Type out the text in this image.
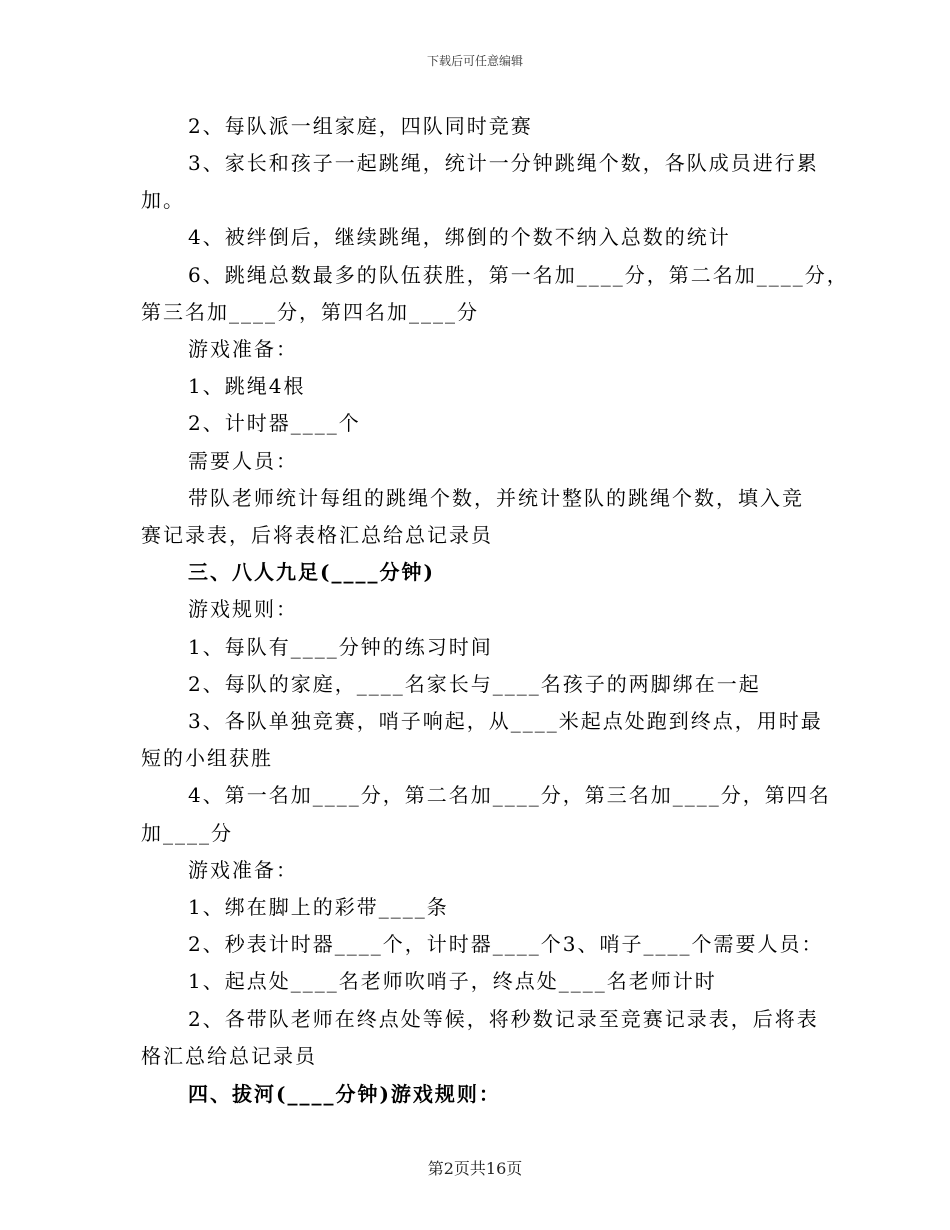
下载后可任意编辑
2、每队派一组家庭，四队同时竞赛
3、家长和孩子一起跳绳，统计一分钟跳绳个数，各队成员进行累
加。
4、被绊倒后，继续跳绳，绑倒的个数不纳入总数的统计
6、跳绳总数最多的队伍获胜，第一名加____分，第二名加____分，
第三名加____分，第四名加____分
游戏准备：
1、跳绳4根
2、计时器____个
需要人员：
带队老师统计每组的跳绳个数，并统计整队的跳绳个数，填入竞
赛记录表，后将表格汇总给总记录员
三、八人九足(____分钟)
游戏规则：
1、每队有____分钟的练习时间
2、每队的家庭，____名家长与____名孩子的两脚绑在一起
3、各队单独竞赛，哨子响起，从____米起点处跑到终点，用时最
短的小组获胜
4、第一名加____分，第二名加____分，第三名加____分，第四名
加____分
游戏准备：
1、绑在脚上的彩带____条
2、秒表计时器____个，计时器____个3、哨子____个需要人员：
1、起点处____名老师吹哨子，终点处____名老师计时
2、各带队老师在终点处等候，将秒数记录至竞赛记录表，后将表
格汇总给总记录员
四、拔河(____分钟)游戏规则：
第2页共16页
